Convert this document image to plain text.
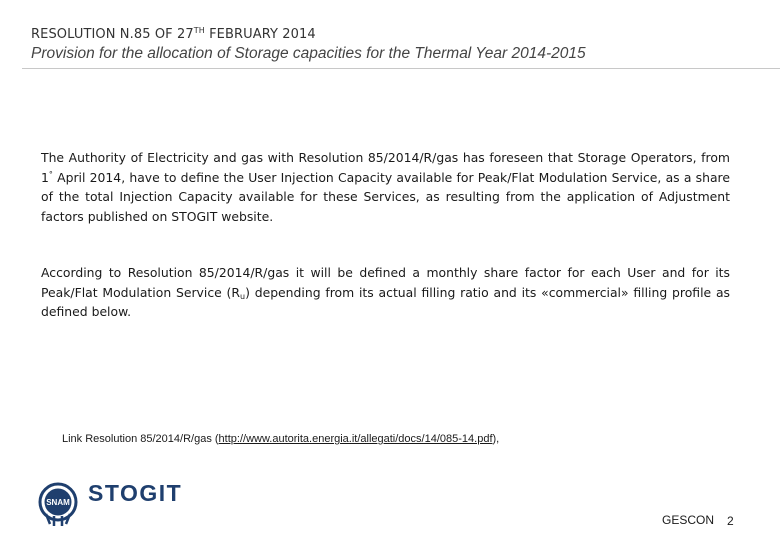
RESOLUTION N.85 OF 27TH FEBRUARY 2014
Provision for the allocation of Storage capacities for the Thermal Year 2014-2015
The Authority of Electricity and gas with Resolution 85/2014/R/gas has foreseen that Storage Operators, from 1° April 2014, have to define the User Injection Capacity available for Peak/Flat Modulation Service, as a share of the total Injection Capacity available for these Services, as resulting from the application of Adjustment factors published on STOGIT website.
According to Resolution 85/2014/R/gas it will be defined a monthly share factor for each User and for its Peak/Flat Modulation Service $(R_u)$ depending from its actual filling ratio and its «commercial» filling profile as defined below.
Link Resolution 85/2014/R/gas (http://www.autorita.energia.it/allegati/docs/14/085-14.pdf),
SNAM STOGIT
GESCON 2
